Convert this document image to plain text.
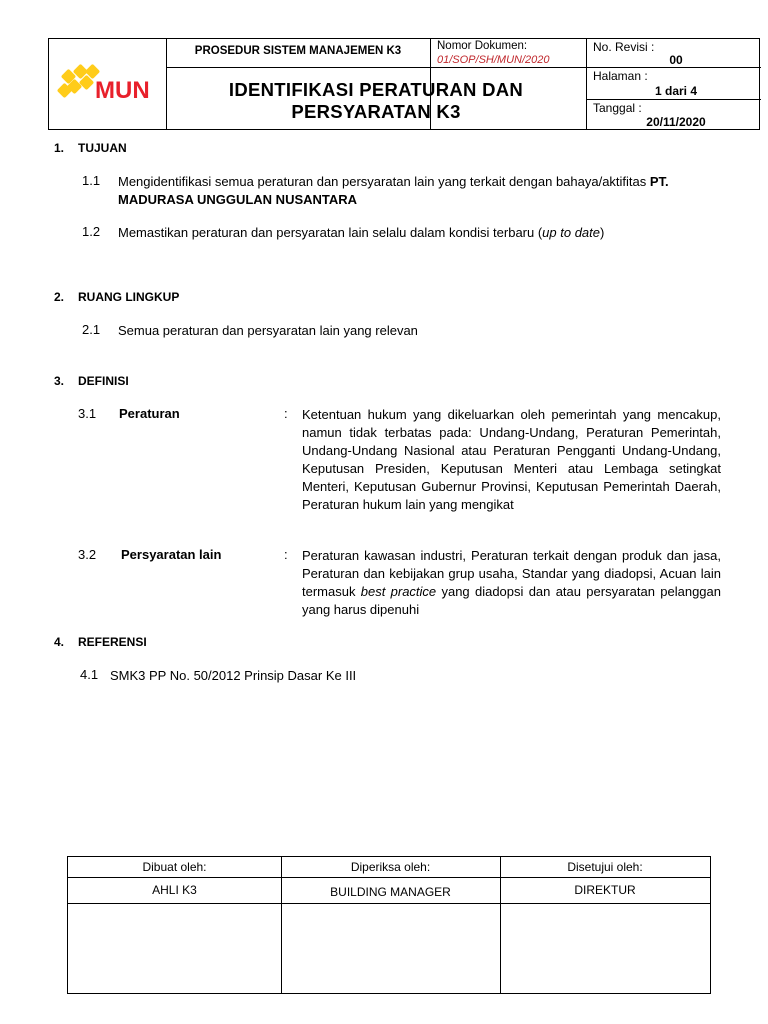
MUN
PROSEDUR SISTEM MANAJEMEN K3
IDENTIFIKASI PERATURAN DAN
PERSYARATAN K3
Nomor Dokumen:
01/SOP/SH/MUN/2020
No. Revisi :
00
Halaman :
1 dari 4
Tanggal :
20/11/2020
1. TUJUAN
1.1 Mengidentifikasi semua peraturan dan persyaratan lain yang terkait dengan bahaya/aktifitas PT. MADURASA UNGGULAN NUSANTARA
1.2 Memastikan peraturan dan persyaratan lain selalu dalam kondisi terbaru (up to date)
2. RUANG LINGKUP
2.1 Semua peraturan dan persyaratan lain yang relevan
3. DEFINISI
3.1 Peraturan	: Ketentuan hukum yang dikeluarkan oleh pemerintah yang mencakup, namun tidak terbatas pada: Undang-Undang, Peraturan Pemerintah, Undang-Undang Nasional atau Peraturan Pengganti Undang-Undang, Keputusan Presiden, Keputusan Menteri atau Lembaga setingkat Menteri, Keputusan Gubernur Provinsi, Keputusan Pemerintah Daerah, Peraturan hukum lain yang mengikat
3.2 Persyaratan lain	: Peraturan kawasan industri, Peraturan terkait dengan produk dan jasa, Peraturan dan kebijakan grup usaha, Standar yang diadopsi, Acuan lain termasuk best practice yang diadopsi dan atau persyaratan pelanggan yang harus dipenuhi
4. REFERENSI
4.1 SMK3 PP No. 50/2012 Prinsip Dasar Ke III
Dibuat oleh:	Diperiksa oleh:	Disetujui oleh:
AHLI K3	BUILDING MANAGER	DIREKTUR
